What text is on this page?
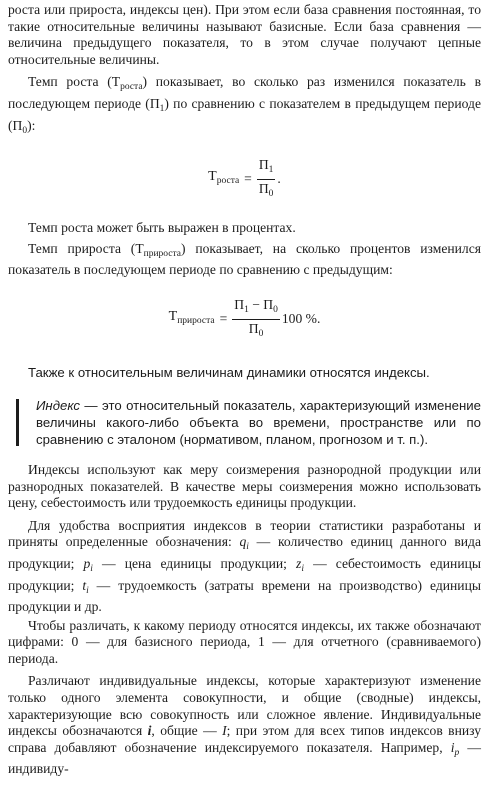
роста или прироста, индексы цен). При этом если база сравнения постоянная, то такие относительные величины называют базисные. Если база сравнения — величина предыдущего показателя, то в этом случае получают цепные относительные величины.

Темп роста $(Т_{роста})$ показывает, во сколько раз изменился показатель в последующем периоде $(П_1)$ по сравнению с показателем в предыдущем периоде $(П_0)$:

$Т_{роста} = \frac{П_1}{П_0}$ .

Темп роста может быть выражен в процентах.

Темп прироста $(Т_{прироста})$ показывает, на сколько процентов изменился показатель в последующем периоде по сравнению с предыдущим:

$Т_{прироста} = \frac{П_1 - П_0}{П_0} 100$ %.

Также к относительным величинам динамики относятся индексы.

Индекс — это относительный показатель, характеризующий изменение величины какого-либо объекта во времени, пространстве или по сравнению с эталоном (нормативом, планом, прогнозом и т. п.).

Индексы используют как меру соизмерения разнородной продукции или разнородных показателей. В качестве меры соизмерения можно использовать цену, себестоимость или трудоемкость единицы продукции.

Для удобства восприятия индексов в теории статистики разработаны и приняты определенные обозначения: $q_i$ — количество единиц данного вида продукции; $p_i$ — цена единицы продукции; $z_i$ — себестоимость единицы продукции; $t_i$ — трудоемкость (затраты времени на производство) единицы продукции и др.

Чтобы различать, к какому периоду относятся индексы, их также обозначают цифрами: 0 — для базисного периода, 1 — для отчетного (сравниваемого) периода.

Различают индивидуальные индексы, которые характеризуют изменение только одного элемента совокупности, и общие (сводные) индексы, характеризующие всю совокупность или сложное явление. Индивидуальные индексы обозначаются i, общие — I; при этом для всех типов индексов внизу справа добавляют обозначение индексируемого показателя. Например, $i_p$ — индивиду-
